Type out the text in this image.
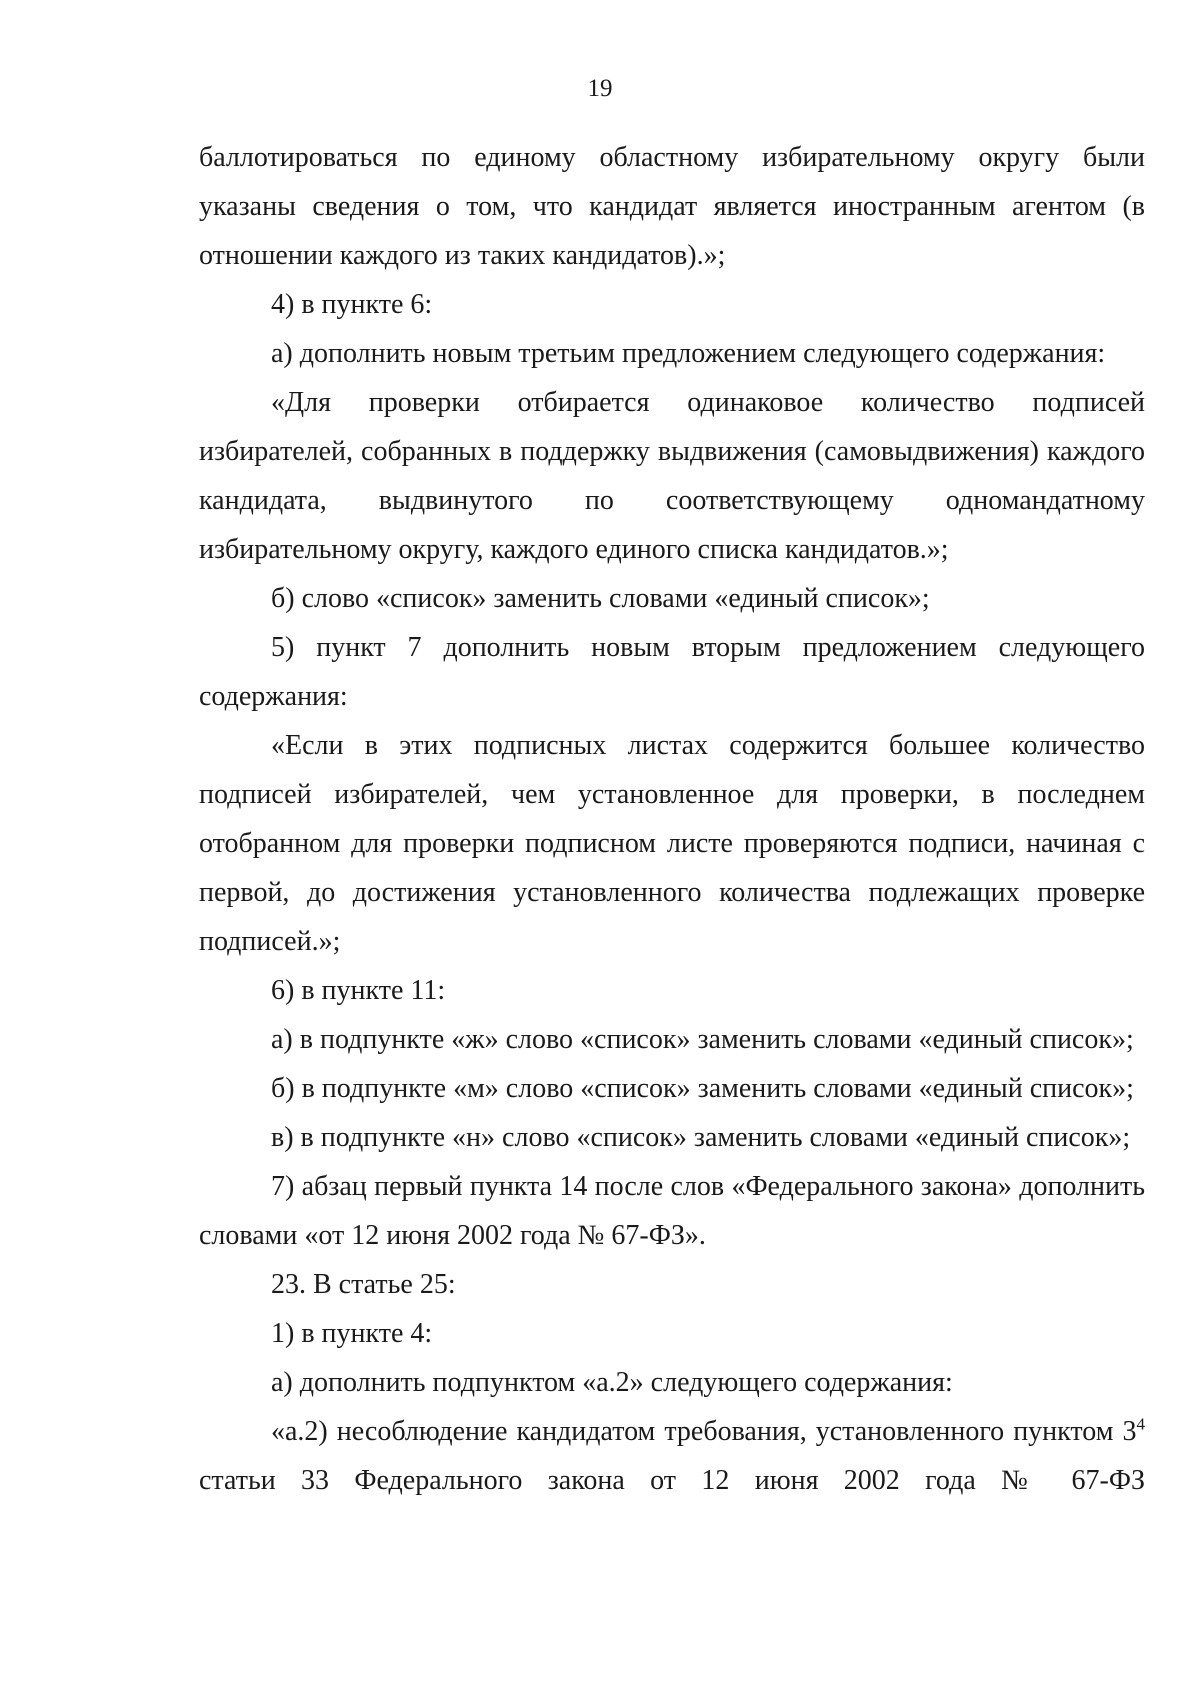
19

баллотироваться по единому областному избирательному округу были указаны сведения о том, что кандидат является иностранным агентом (в отношении каждого из таких кандидатов).»;

4) в пункте 6:

а) дополнить новым третьим предложением следующего содержания:

«Для проверки отбирается одинаковое количество подписей избирателей, собранных в поддержку выдвижения (самовыдвижения) каждого кандидата, выдвинутого по соответствующему одномандатному избирательному округу, каждого единого списка кандидатов.»;

б) слово «список» заменить словами «единый список»;

5) пункт 7 дополнить новым вторым предложением следующего содержания:

«Если в этих подписных листах содержится большее количество подписей избирателей, чем установленное для проверки, в последнем отобранном для проверки подписном листе проверяются подписи, начиная с первой, до достижения установленного количества подлежащих проверке подписей.»;

6) в пункте 11:

а) в подпункте «ж» слово «список» заменить словами «единый список»;

б) в подпункте «м» слово «список» заменить словами «единый список»;

в) в подпункте «н» слово «список» заменить словами «единый список»;

7) абзац первый пункта 14 после слов «Федерального закона» дополнить словами «от 12 июня 2002 года № 67-ФЗ».

23. В статье 25:

1) в пункте 4:

а) дополнить подпунктом «а.2» следующего содержания:

«а.2) несоблюдение кандидатом требования, установленного пунктом $3^4$ статьи 33 Федерального закона от 12 июня 2002 года № 67-ФЗ
